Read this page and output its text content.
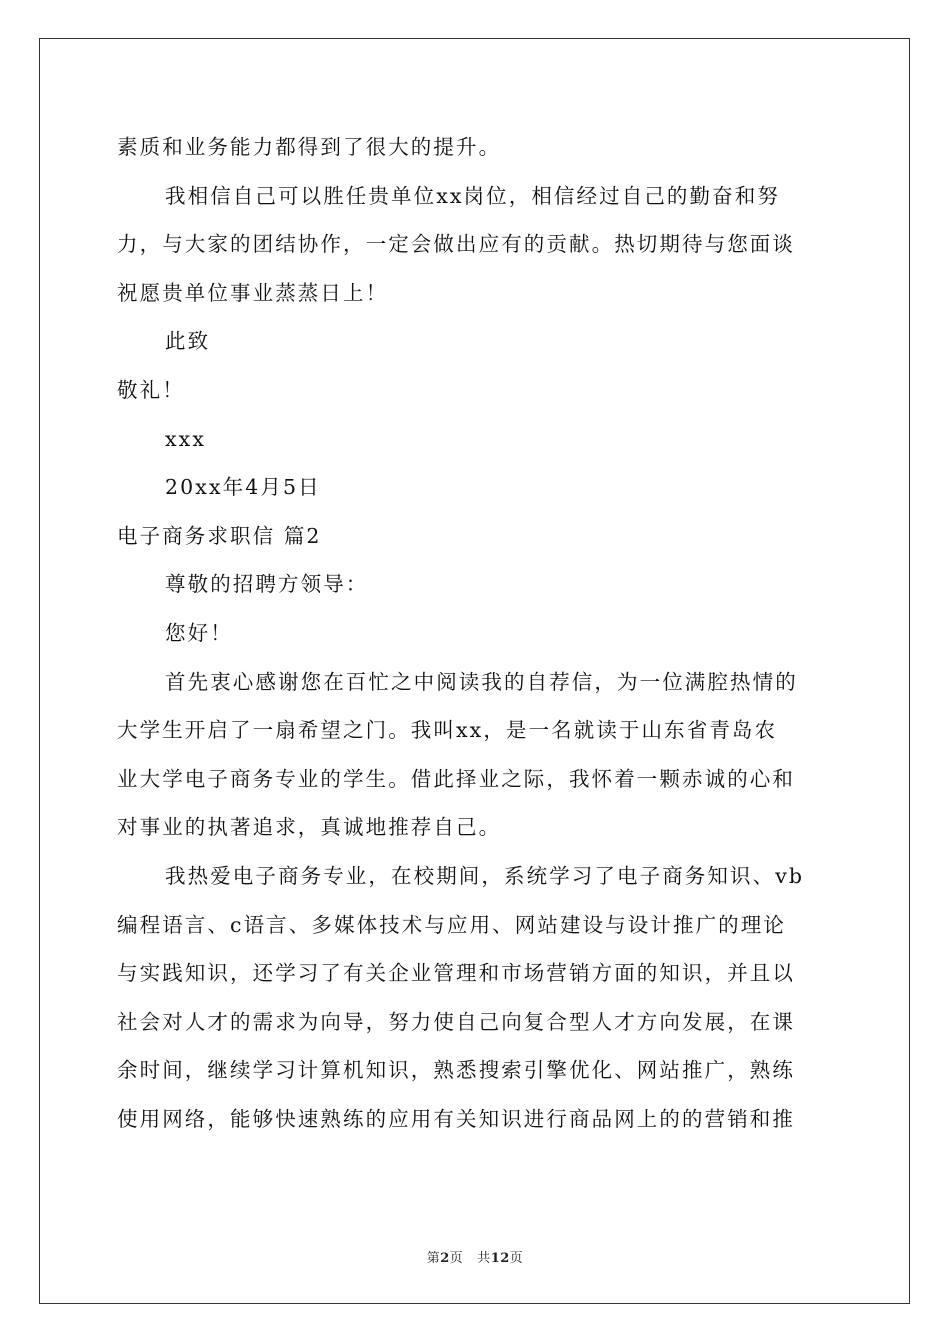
素质和业务能力都得到了很大的提升。
我相信自己可以胜任贵单位xx岗位，相信经过自己的勤奋和努
力，与大家的团结协作，一定会做出应有的贡献。热切期待与您面谈
祝愿贵单位事业蒸蒸日上！
此致
敬礼！
xxx
20xx年4月5日
电子商务求职信 篇2
尊敬的招聘方领导：
您好！
首先衷心感谢您在百忙之中阅读我的自荐信，为一位满腔热情的
大学生开启了一扇希望之门。我叫xx，是一名就读于山东省青岛农
业大学电子商务专业的学生。借此择业之际，我怀着一颗赤诚的心和
对事业的执著追求，真诚地推荐自己。
我热爱电子商务专业，在校期间，系统学习了电子商务知识、vb
编程语言、c语言、多媒体技术与应用、网站建设与设计推广的理论
与实践知识，还学习了有关企业管理和市场营销方面的知识，并且以
社会对人才的需求为向导，努力使自己向复合型人才方向发展，在课
余时间，继续学习计算机知识，熟悉搜索引擎优化、网站推广，熟练
使用网络，能够快速熟练的应用有关知识进行商品网上的的营销和推
第2页 共12页
